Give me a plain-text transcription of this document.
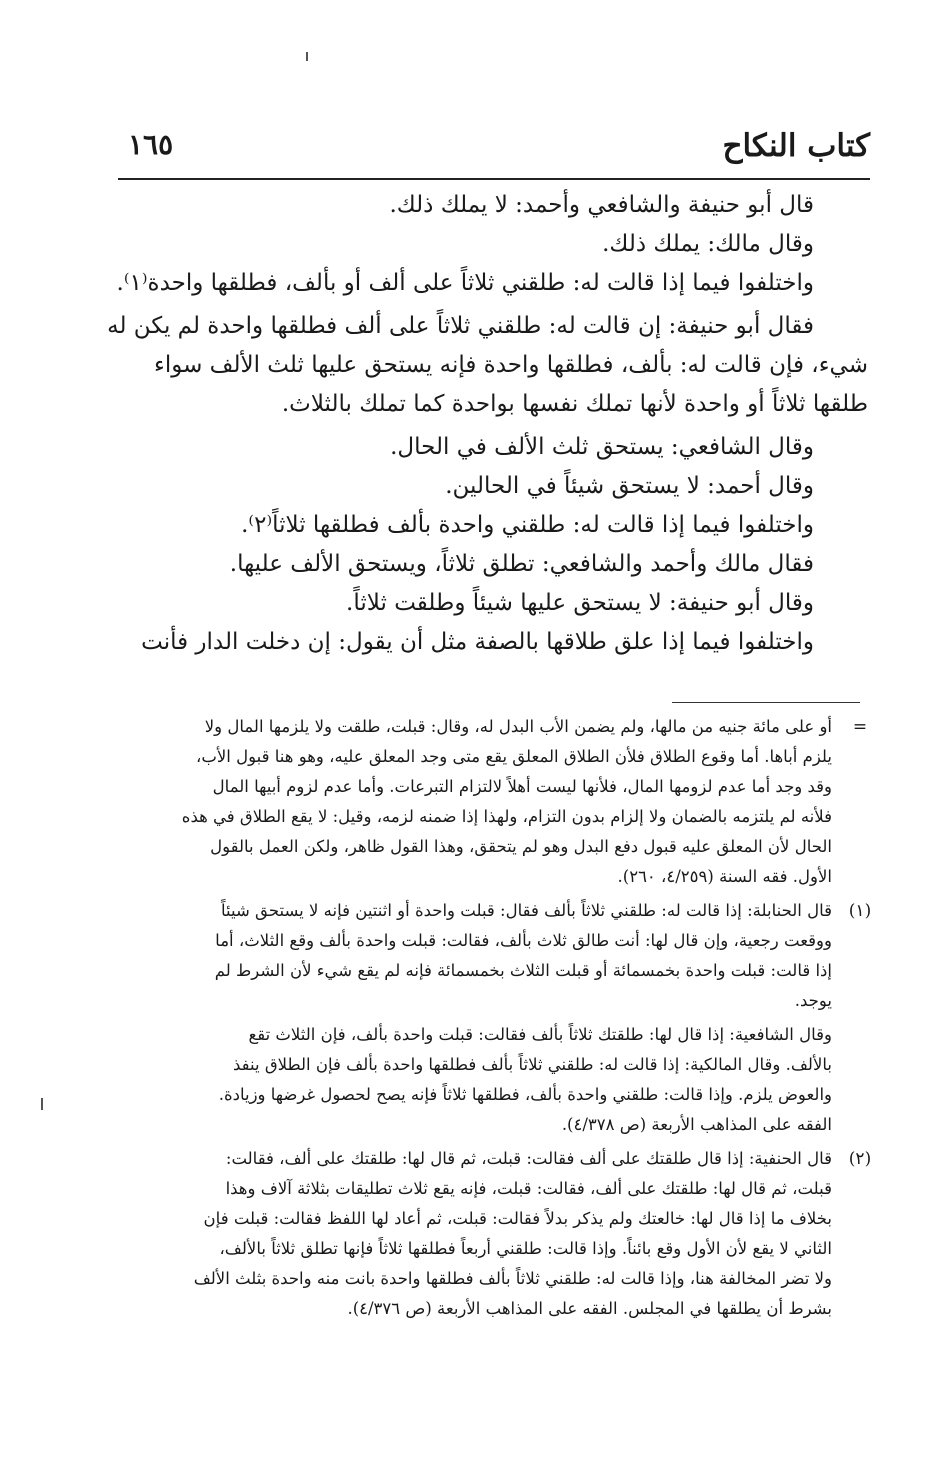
كتاب النكاح
١٦٥
قال أبو حنيفة والشافعي وأحمد: لا يملك ذلك.
وقال مالك: يملك ذلك.
واختلفوا فيما إذا قالت له: طلقني ثلاثاً على ألف أو بألف، فطلقها واحدة⁽١⁾.
فقال أبو حنيفة: إن قالت له: طلقني ثلاثاً على ألف فطلقها واحدة لم يكن له
شيء، فإن قالت له: بألف، فطلقها واحدة فإنه يستحق عليها ثلث الألف سواء
طلقها ثلاثاً أو واحدة لأنها تملك نفسها بواحدة كما تملك بالثلاث.
وقال الشافعي: يستحق ثلث الألف في الحال.
وقال أحمد: لا يستحق شيئاً في الحالين.
واختلفوا فيما إذا قالت له: طلقني واحدة بألف فطلقها ثلاثاً⁽٢⁾.
فقال مالك وأحمد والشافعي: تطلق ثلاثاً، ويستحق الألف عليها.
وقال أبو حنيفة: لا يستحق عليها شيئاً وطلقت ثلاثاً.
واختلفوا فيما إذا علق طلاقها بالصفة مثل أن يقول: إن دخلت الدار فأنت
=
أو على مائة جنيه من مالها، ولم يضمن الأب البدل له، وقال: قبلت، طلقت ولا يلزمها المال ولا
يلزم أباها. أما وقوع الطلاق فلأن الطلاق المعلق يقع متى وجد المعلق عليه، وهو هنا قبول الأب،
وقد وجد أما عدم لزومها المال، فلأنها ليست أهلاً لالتزام التبرعات. وأما عدم لزوم أبيها المال
فلأنه لم يلتزمه بالضمان ولا إلزام بدون التزام، ولهذا إذا ضمنه لزمه، وقيل: لا يقع الطلاق في هذه
الحال لأن المعلق عليه قبول دفع البدل وهو لم يتحقق، وهذا القول ظاهر، ولكن العمل بالقول
الأول. فقه السنة (٤/٢٥٩، ٢٦٠).
(١)
قال الحنابلة: إذا قالت له: طلقني ثلاثاً بألف فقال: قبلت واحدة أو اثنتين فإنه لا يستحق شيئاً
ووقعت رجعية، وإن قال لها: أنت طالق ثلاث بألف، فقالت: قبلت واحدة بألف وقع الثلاث، أما
إذا قالت: قبلت واحدة بخمسمائة أو قبلت الثلاث بخمسمائة فإنه لم يقع شيء لأن الشرط لم
يوجد.
وقال الشافعية: إذا قال لها: طلقتك ثلاثاً بألف فقالت: قبلت واحدة بألف، فإن الثلاث تقع
بالألف. وقال المالكية: إذا قالت له: طلقني ثلاثاً بألف فطلقها واحدة بألف فإن الطلاق ينفذ
والعوض يلزم. وإذا قالت: طلقني واحدة بألف، فطلقها ثلاثاً فإنه يصح لحصول غرضها وزيادة.
الفقه على المذاهب الأربعة (ص ٤/٣٧٨).
(٢)
قال الحنفية: إذا قال طلقتك على ألف فقالت: قبلت، ثم قال لها: طلقتك على ألف، فقالت:
قبلت، ثم قال لها: طلقتك على ألف، فقالت: قبلت، فإنه يقع ثلاث تطليقات بثلاثة آلاف وهذا
بخلاف ما إذا قال لها: خالعتك ولم يذكر بدلاً فقالت: قبلت، ثم أعاد لها اللفظ فقالت: قبلت فإن
الثاني لا يقع لأن الأول وقع بائناً. وإذا قالت: طلقني أربعاً فطلقها ثلاثاً فإنها تطلق ثلاثاً بالألف،
ولا تضر المخالفة هنا، وإذا قالت له: طلقني ثلاثاً بألف فطلقها واحدة بانت منه واحدة بثلث الألف
بشرط أن يطلقها في المجلس. الفقه على المذاهب الأربعة (ص ٤/٣٧٦).
